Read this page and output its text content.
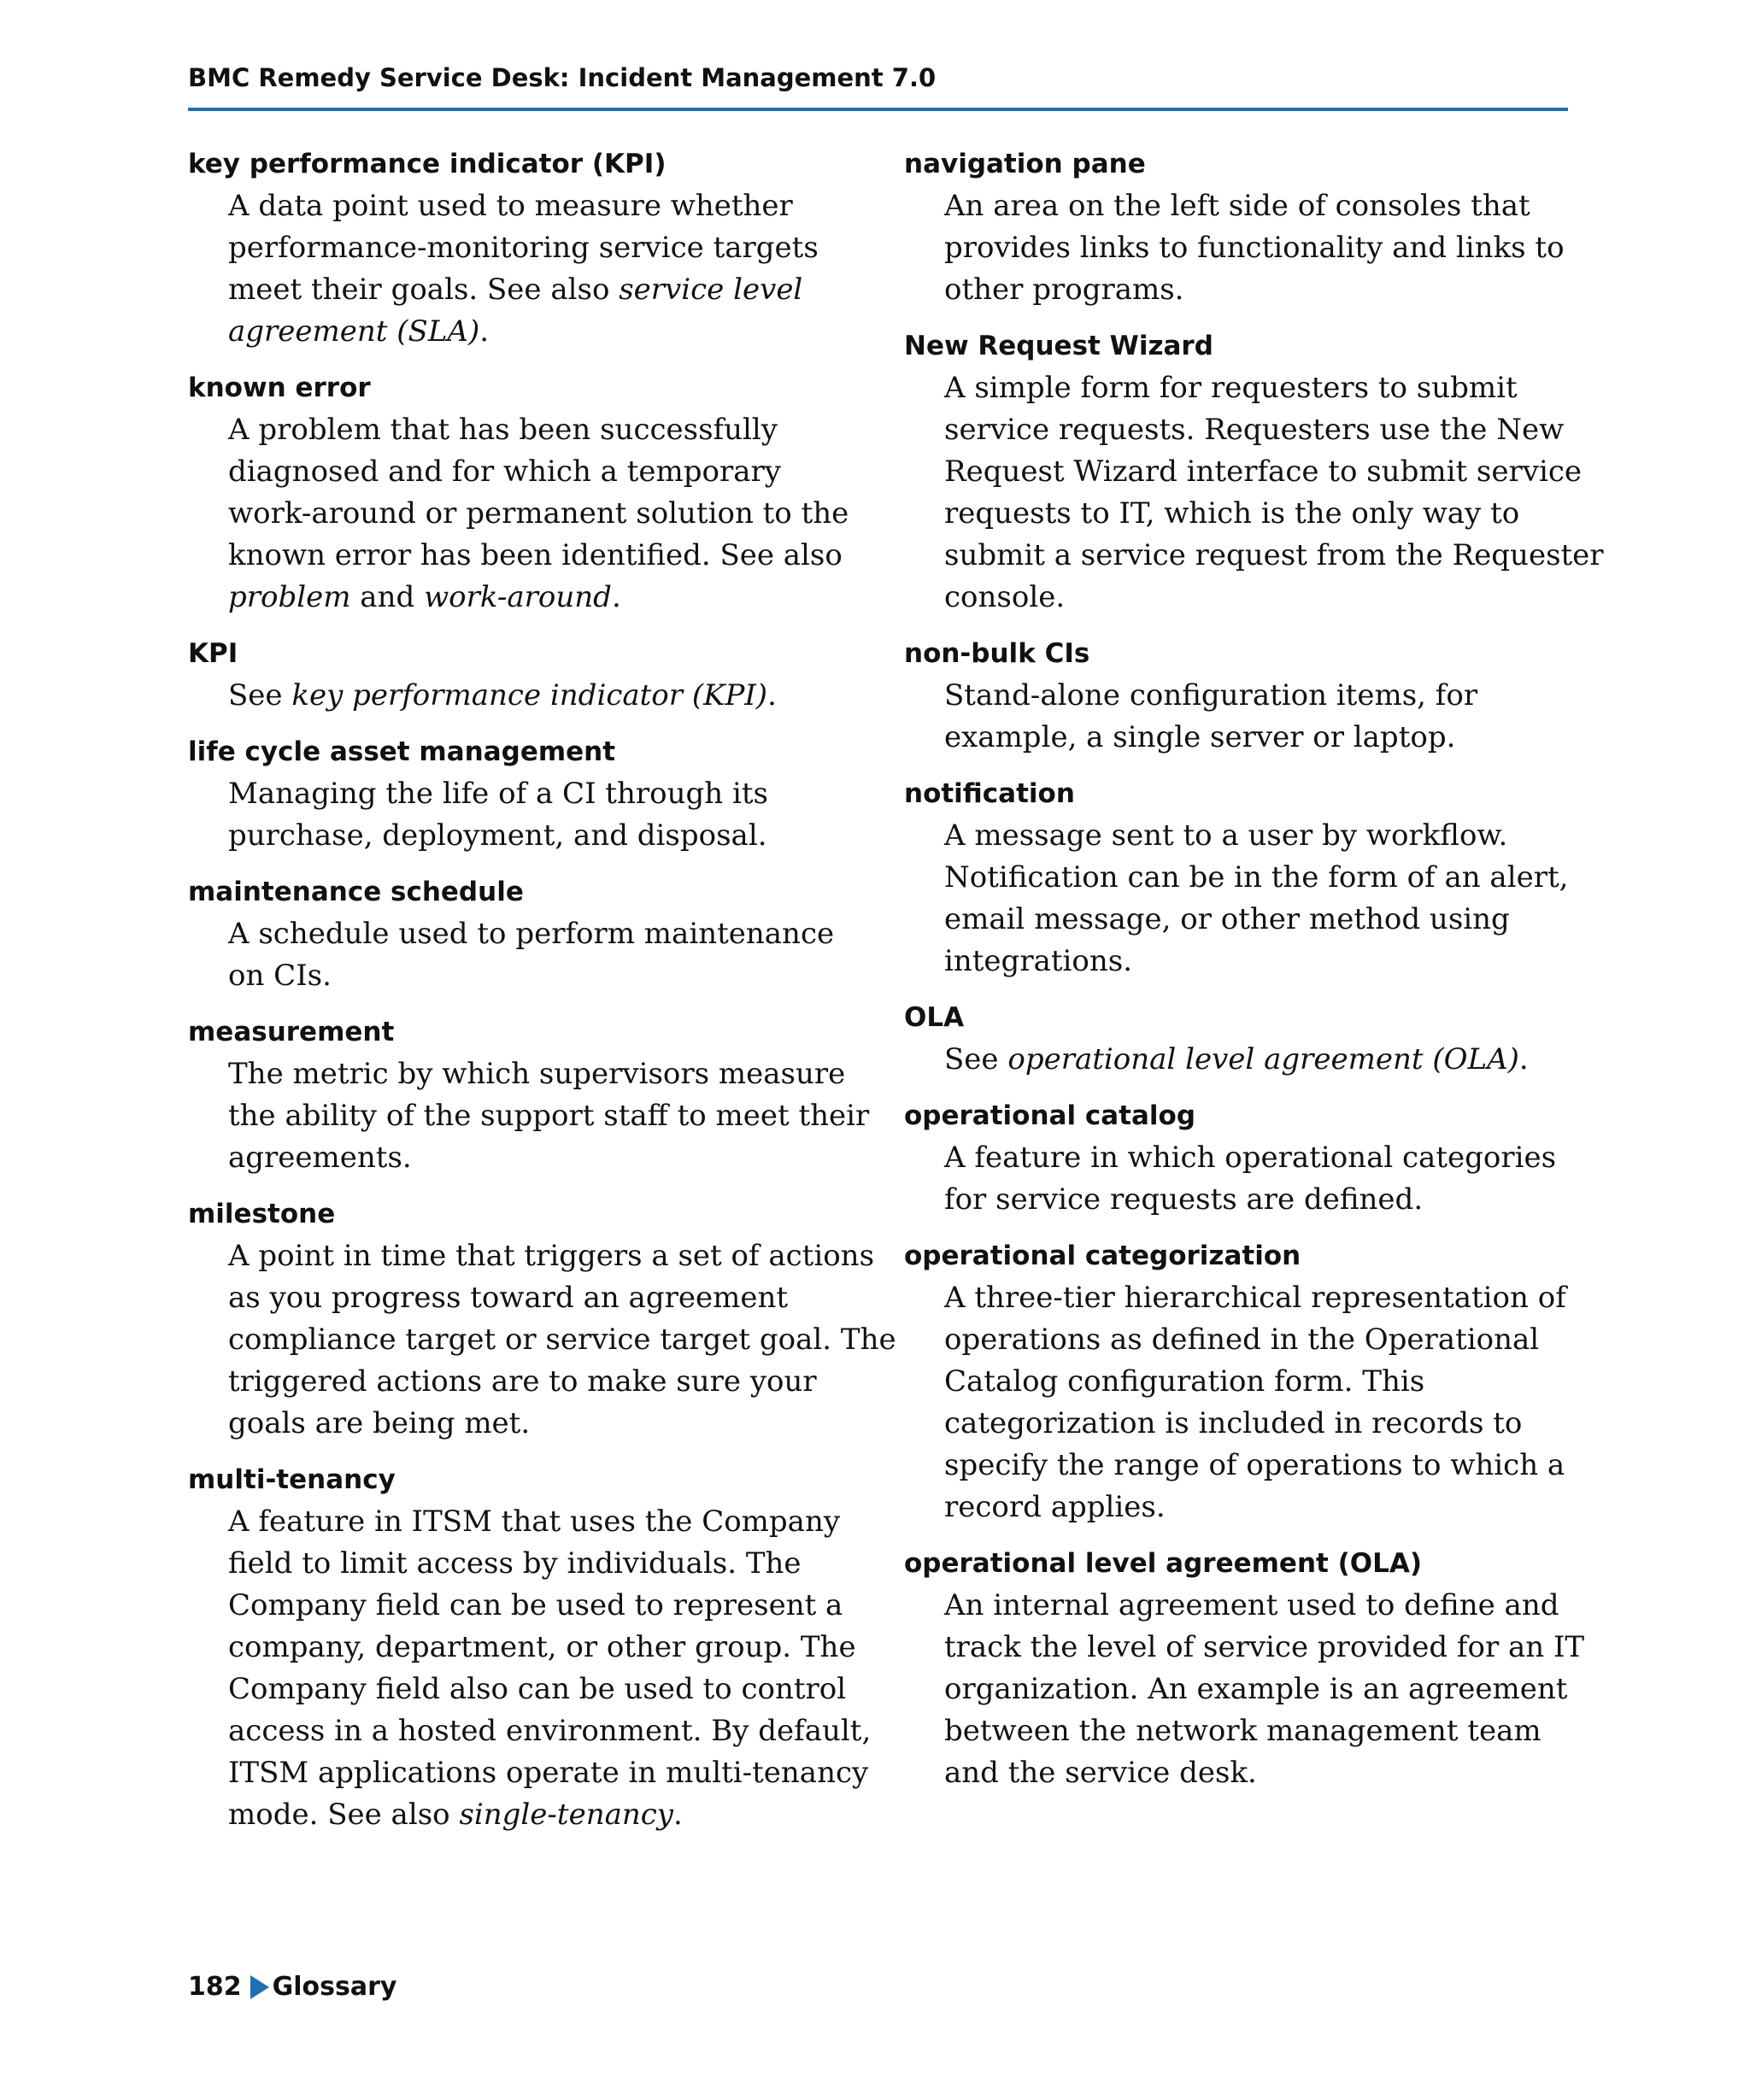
BMC Remedy Service Desk: Incident Management 7.0
key performance indicator (KPI)
A data point used to measure whether
performance-monitoring service targets
meet their goals. See also service level
agreement (SLA).
known error
A problem that has been successfully
diagnosed and for which a temporary
work-around or permanent solution to the
known error has been identified. See also
problem and work-around.
KPI
See key performance indicator (KPI).
life cycle asset management
Managing the life of a CI through its
purchase, deployment, and disposal.
maintenance schedule
A schedule used to perform maintenance
on CIs.
measurement
The metric by which supervisors measure
the ability of the support staff to meet their
agreements.
milestone
A point in time that triggers a set of actions
as you progress toward an agreement
compliance target or service target goal. The
triggered actions are to make sure your
goals are being met.
multi-tenancy
A feature in ITSM that uses the Company
field to limit access by individuals. The
Company field can be used to represent a
company, department, or other group. The
Company field also can be used to control
access in a hosted environment. By default,
ITSM applications operate in multi-tenancy
mode. See also single-tenancy.
navigation pane
An area on the left side of consoles that
provides links to functionality and links to
other programs.
New Request Wizard
A simple form for requesters to submit
service requests. Requesters use the New
Request Wizard interface to submit service
requests to IT, which is the only way to
submit a service request from the Requester
console.
non-bulk CIs
Stand-alone configuration items, for
example, a single server or laptop.
notification
A message sent to a user by workflow.
Notification can be in the form of an alert,
email message, or other method using
integrations.
OLA
See operational level agreement (OLA).
operational catalog
A feature in which operational categories
for service requests are defined.
operational categorization
A three-tier hierarchical representation of
operations as defined in the Operational
Catalog configuration form. This
categorization is included in records to
specify the range of operations to which a
record applies.
operational level agreement (OLA)
An internal agreement used to define and
track the level of service provided for an IT
organization. An example is an agreement
between the network management team
and the service desk.
182 Glossary
